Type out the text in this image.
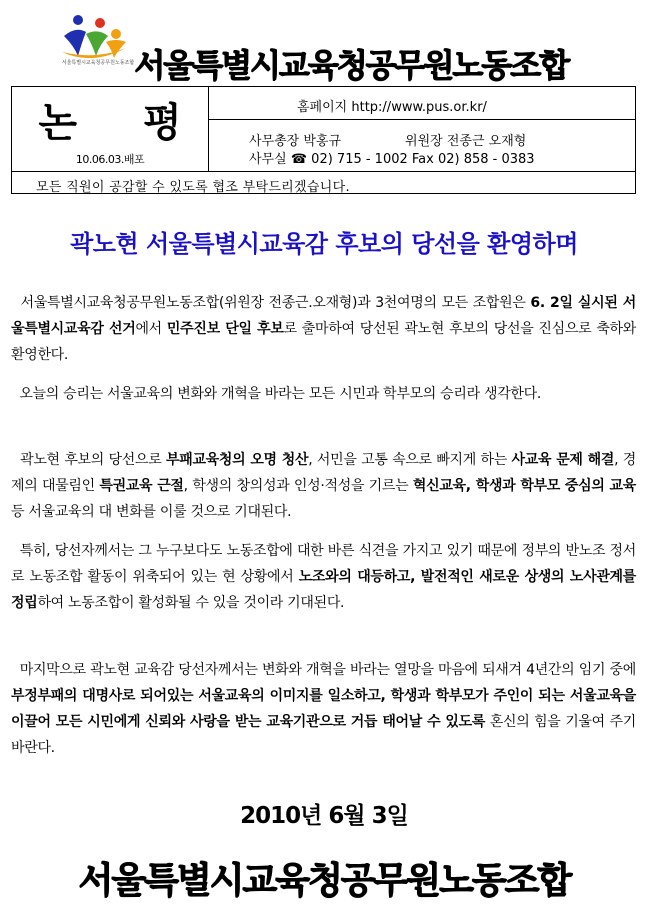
서울특별시교육청공무원노동조합 서울특별시교육청공무원노동조합
논 평
10.06.03.배포
홈페이지 http://www.pus.or.kr/
사무총장 박홍규	위원장 전종근 오재형
사무실 ☎ 02) 715 - 1002 Fax 02) 858 - 0383
모든 직원이 공감할 수 있도록 협조 부탁드리겠습니다.
곽노현 서울특별시교육감 후보의 당선을 환영하며
서울특별시교육청공무원노동조합(위원장 전종근.오재형)과 3천여명의 모든 조합원은 6. 2일 실시된 서울특별시교육감 선거에서 민주진보 단일 후보로 출마하여 당선된 곽노현 후보의 당선을 진심으로 축하와 환영한다.
오늘의 승리는 서울교육의 변화와 개혁을 바라는 모든 시민과 학부모의 승리라 생각한다.
곽노현 후보의 당선으로 부패교육청의 오명 청산, 서민을 고통 속으로 빠지게 하는 사교육 문제 해결, 경제의 대물림인 특권교육 근절, 학생의 창의성과 인성·적성을 기르는 혁신교육, 학생과 학부모 중심의 교육 등 서울교육의 대 변화를 이룰 것으로 기대된다.
특히, 당선자께서는 그 누구보다도 노동조합에 대한 바른 식견을 가지고 있기 때문에 정부의 반노조 정서로 노동조합 활동이 위축되어 있는 현 상황에서 노조와의 대등하고, 발전적인 새로운 상생의 노사관계를 정립하여 노동조합이 활성화될 수 있을 것이라 기대된다.
마지막으로 곽노현 교육감 당선자께서는 변화와 개혁을 바라는 열망을 마음에 되새겨 4년간의 임기 중에 부정부패의 대명사로 되어있는 서울교육의 이미지를 일소하고, 학생과 학부모가 주인이 되는 서울교육을 이끌어 모든 시민에게 신뢰와 사랑을 받는 교육기관으로 거듭 태어날 수 있도록 혼신의 힘을 기울여 주기 바란다.
2010년 6월 3일
서울특별시교육청공무원노동조합
